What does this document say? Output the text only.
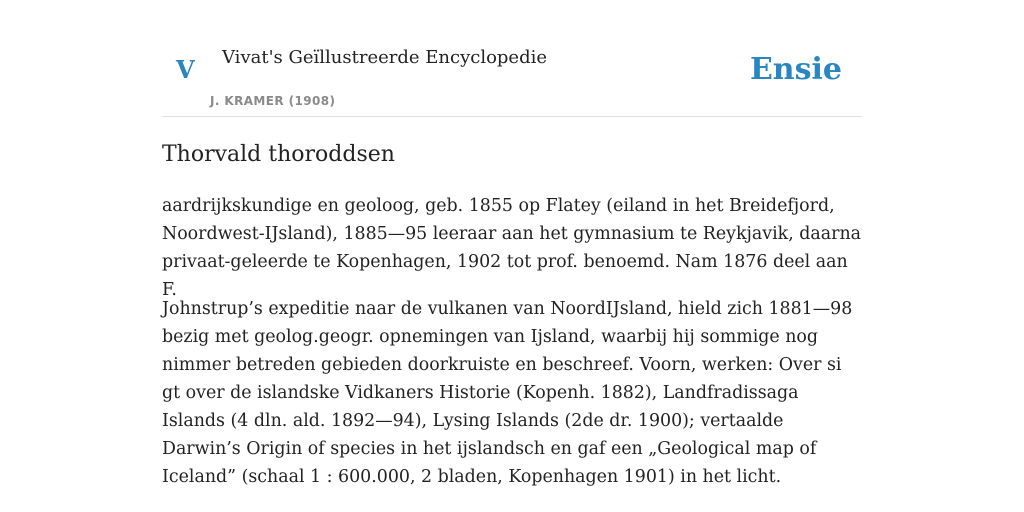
V Vivat's Geïllustreerde Encyclopedie
J. KRAMER (1908)
Ensie
Thorvald thoroddsen

aardrijkskundige en geoloog, geb. 1855 op Flatey (eiland in het Breidefjord, Noordwest-IJsland), 1885—95 leeraar aan het gymnasium te Reykjavik, daarna privaat-geleerde te Kopenhagen, 1902 tot prof. benoemd. Nam 1876 deel aan F.

Johnstrup’s expeditie naar de vulkanen van NoordIJsland, hield zich 1881—98 bezig met geolog.geogr. opnemingen van Ijsland, waarbij hij sommige nog nimmer betreden gebieden doorkruiste en beschreef. Voorn, werken: Over si gt over de islandske Vidkaners Historie (Kopenh. 1882), Landfradissaga Islands (4 dln. ald. 1892—94), Lysing Islands (2de dr. 1900); vertaalde Darwin’s Origin of species in het ijslandsch en gaf een „Geological map of Iceland” (schaal 1 : 600.000, 2 bladen, Kopenhagen 1901) in het licht.
